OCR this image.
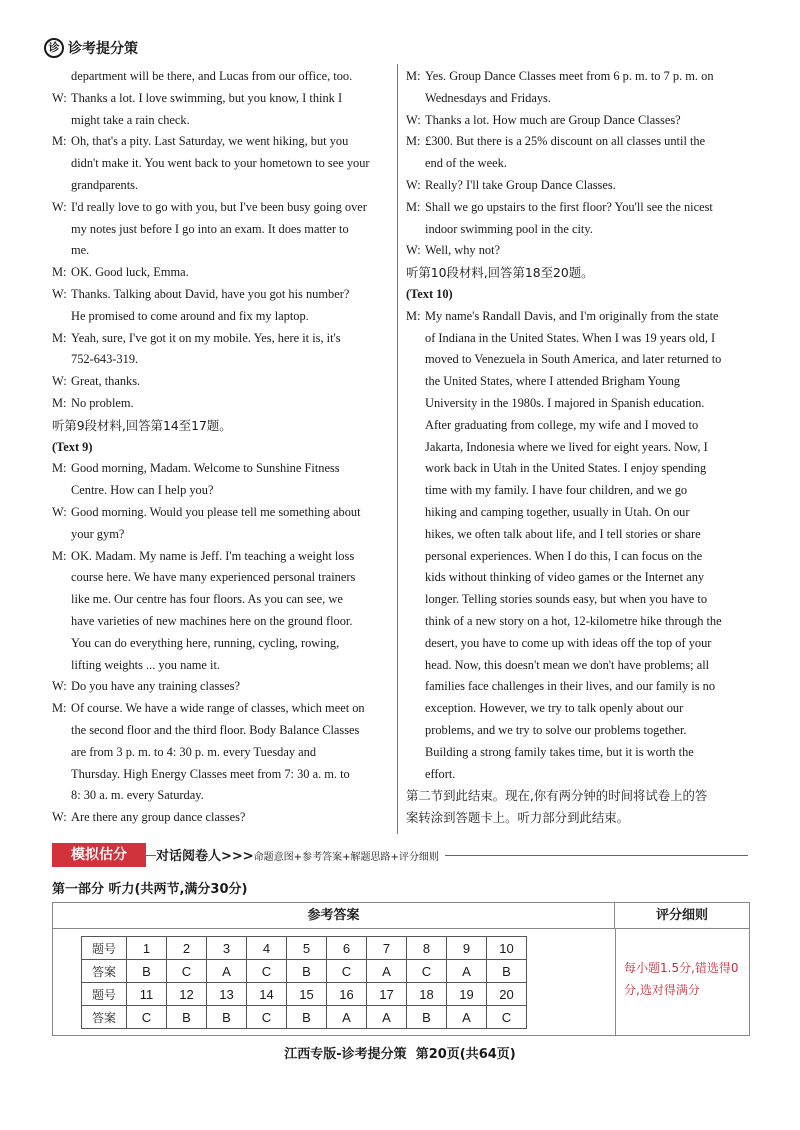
诊 诊考提分策

department will be there, and Lucas from our office, too.

W: Thanks a lot. I love swimming, but you know, I think I

might take a rain check.

M: Oh, that's a pity. Last Saturday, we went hiking, but you

didn't make it. You went back to your hometown to see your

grandparents.

W: I'd really love to go with you, but I've been busy going over

my notes just before I go into an exam. It does matter to

me.

M: OK. Good luck, Emma.

W: Thanks. Talking about David, have you got his number?

He promised to come around and fix my laptop.

M: Yeah, sure, I've got it on my mobile. Yes, here it is, it's

752-643-319.

W: Great, thanks.

M: No problem.

听第9段材料,回答第14至17题。

(Text 9)

M: Good morning, Madam. Welcome to Sunshine Fitness

Centre. How can I help you?

W: Good morning. Would you please tell me something about

your gym?

M: OK. Madam. My name is Jeff. I'm teaching a weight loss

course here. We have many experienced personal trainers

like me. Our centre has four floors. As you can see, we

have varieties of new machines here on the ground floor.

You can do everything here, running, cycling, rowing,

lifting weights ... you name it.

W: Do you have any training classes?

M: Of course. We have a wide range of classes, which meet on

the second floor and the third floor. Body Balance Classes

are from 3 p. m. to 4: 30 p. m. every Tuesday and

Thursday. High Energy Classes meet from 7: 30 a. m. to

8: 30 a. m. every Saturday.

W: Are there any group dance classes?

M: Yes. Group Dance Classes meet from 6 p. m. to 7 p. m. on

Wednesdays and Fridays.

W: Thanks a lot. How much are Group Dance Classes?

M: £300. But there is a 25% discount on all classes until the

end of the week.

W: Really? I'll take Group Dance Classes.

M: Shall we go upstairs to the first floor? You'll see the nicest

indoor swimming pool in the city.

W: Well, why not?

听第10段材料,回答第18至20题。

(Text 10)

M: My name's Randall Davis, and I'm originally from the state

of Indiana in the United States. When I was 19 years old, I

moved to Venezuela in South America, and later returned to

the United States, where I attended Brigham Young

University in the 1980s. I majored in Spanish education.

After graduating from college, my wife and I moved to

Jakarta, Indonesia where we lived for eight years. Now, I

work back in Utah in the United States. I enjoy spending

time with my family. I have four children, and we go

hiking and camping together, usually in Utah. On our

hikes, we often talk about life, and I tell stories or share

personal experiences. When I do this, I can focus on the

kids without thinking of video games or the Internet any

longer. Telling stories sounds easy, but when you have to

think of a new story on a hot, 12-kilometre hike through the

desert, you have to come up with ideas off the top of your

head. Now, this doesn't mean we don't have problems; all

families face challenges in their lives, and our family is no

exception. However, we try to talk openly about our

problems, and we try to solve our problems together.

Building a strong family takes time, but it is worth the

effort.

第二节到此结束。现在,你有两分钟的时间将试卷上的答

案转涂到答题卡上。听力部分到此结束。

模拟估分	对话阅卷人>>>命题意图+参考答案+解题思路+评分细则
第一部分 听力(共两节,满分30分)
参考答案	评分细则
每小题1.5分,错选得0分,选对得满分
题号	1	2	3	4	5	6	7	8	9	10
答案	B	C	A	C	B	C	A	C	A	B
题号	11	12	13	14	15	16	17	18	19	20
答案	C	B	B	C	B	A	A	B	A	C
江西专版-诊考提分策 第20页(共64页)
